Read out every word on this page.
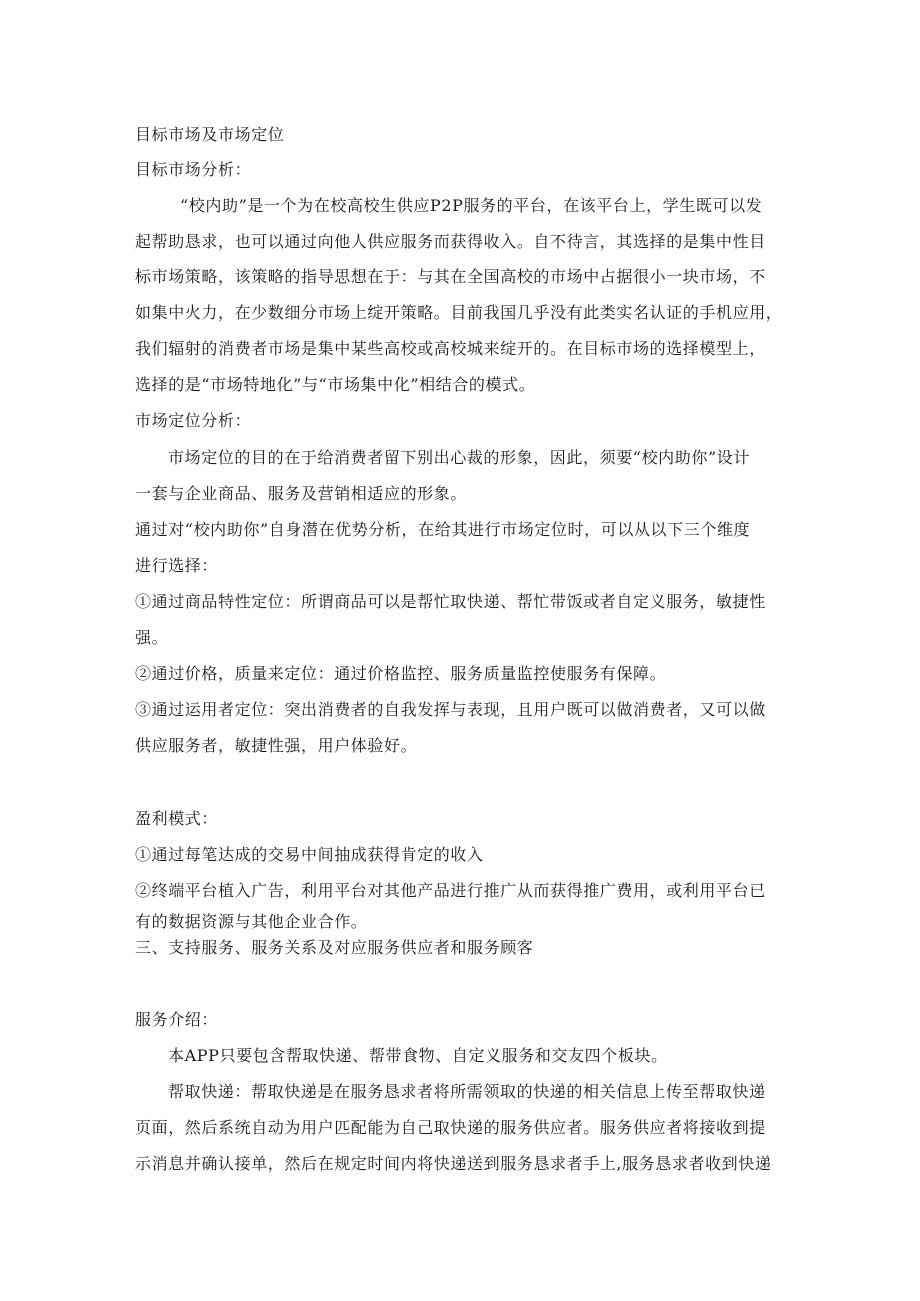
目标市场及市场定位
目标市场分析：
“校内助”是一个为在校高校生供应P2P服务的平台，在该平台上，学生既可以发
起帮助恳求，也可以通过向他人供应服务而获得收入。自不待言，其选择的是集中性目
标市场策略，该策略的指导思想在于：与其在全国高校的市场中占据很小一块市场，不
如集中火力，在少数细分市场上绽开策略。目前我国几乎没有此类实名认证的手机应用，
我们辐射的消费者市场是集中某些高校或高校城来绽开的。在目标市场的选择模型上，
选择的是“市场特地化”与“市场集中化”相结合的模式。
市场定位分析：
市场定位的目的在于给消费者留下别出心裁的形象，因此，须要“校内助你”设计
一套与企业商品、服务及营销相适应的形象。
通过对“校内助你”自身潜在优势分析，在给其进行市场定位时，可以从以下三个维度
进行选择：
①通过商品特性定位：所谓商品可以是帮忙取快递、帮忙带饭或者自定义服务，敏捷性
强。
②通过价格，质量来定位：通过价格监控、服务质量监控使服务有保障。
③通过运用者定位：突出消费者的自我发挥与表现，且用户既可以做消费者，又可以做
供应服务者，敏捷性强，用户体验好。
盈利模式：
①通过每笔达成的交易中间抽成获得肯定的收入
②终端平台植入广告，利用平台对其他产品进行推广从而获得推广费用，或利用平台已
有的数据资源与其他企业合作。
三、支持服务、服务关系及对应服务供应者和服务顾客
服务介绍：
本APP只要包含帮取快递、帮带食物、自定义服务和交友四个板块。
帮取快递：帮取快递是在服务恳求者将所需领取的快递的相关信息上传至帮取快递
页面，然后系统自动为用户匹配能为自己取快递的服务供应者。服务供应者将接收到提
示消息并确认接单，然后在规定时间内将快递送到服务恳求者手上,服务恳求者收到快递
